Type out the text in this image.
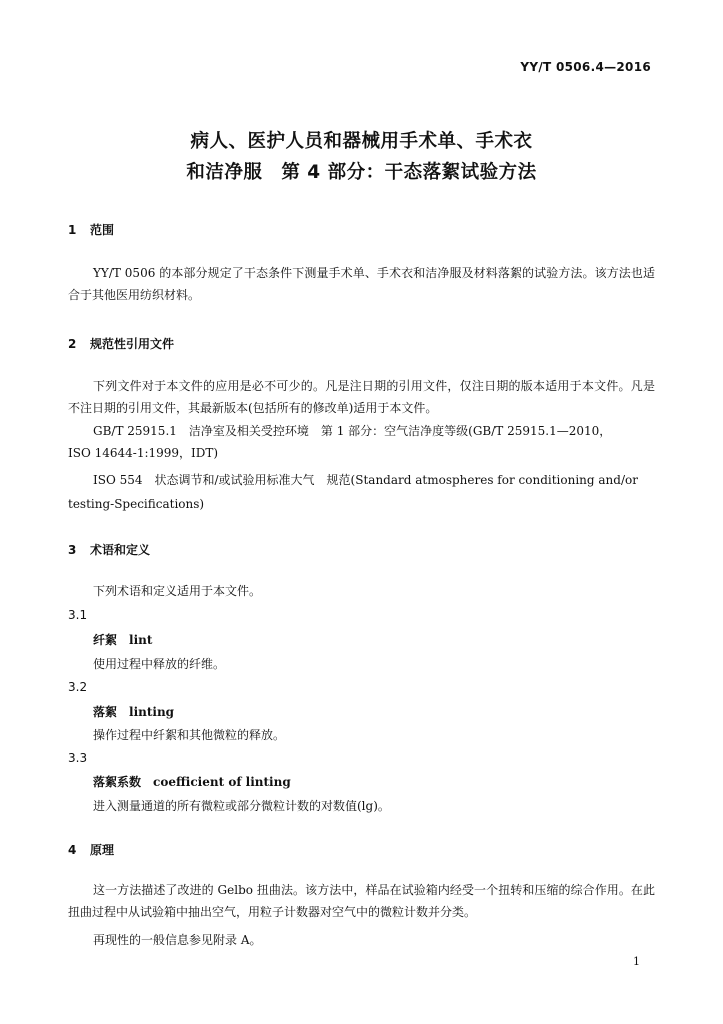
YY/T 0506.4—2016
病人、医护人员和器械用手术单、手术衣
和洁净服　第 4 部分：干态落絮试验方法
1 范围
YY/T 0506 的本部分规定了干态条件下测量手术单、手术衣和洁净服及材料落絮的试验方法。该方法也适合于其他医用纺织材料。
2 规范性引用文件
下列文件对于本文件的应用是必不可少的。凡是注日期的引用文件，仅注日期的版本适用于本文件。凡是不注日期的引用文件，其最新版本(包括所有的修改单)适用于本文件。
GB/T 25915.1　洁净室及相关受控环境　第 1 部分：空气洁净度等级(GB/T 25915.1—2010，
ISO 14644-1:1999，IDT)
ISO 554　状态调节和/或试验用标准大气　规范(Standard atmospheres for conditioning and/or
testing-Specifications)
3 术语和定义
下列术语和定义适用于本文件。
3.1
纤絮 lint
使用过程中释放的纤维。
3.2
落絮 linting
操作过程中纤絮和其他微粒的释放。
3.3
落絮系数 coefficient of linting
进入测量通道的所有微粒或部分微粒计数的对数值(lg)。
4 原理
这一方法描述了改进的 Gelbo 扭曲法。该方法中，样品在试验箱内经受一个扭转和压缩的综合作用。在此扭曲过程中从试验箱中抽出空气，用粒子计数器对空气中的微粒计数并分类。
再现性的一般信息参见附录 A。
1
